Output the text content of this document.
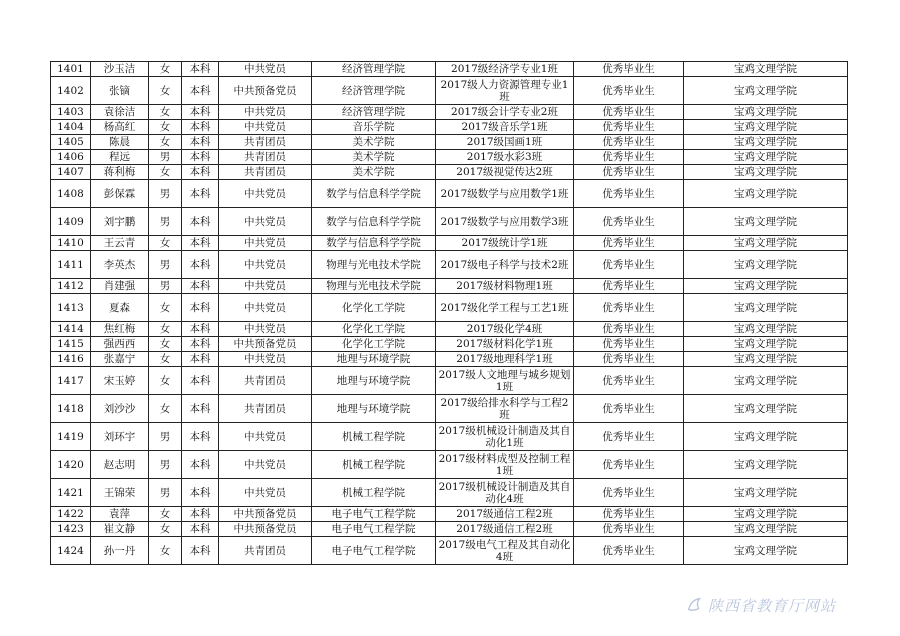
1401	沙玉洁	女	本科	中共党员	经济管理学院	2017级经济学专业1班	优秀毕业生	宝鸡文理学院
1402	张镝	女	本科	中共预备党员	经济管理学院	2017级人力资源管理专业1班	优秀毕业生	宝鸡文理学院
1403	袁徐洁	女	本科	中共党员	经济管理学院	2017级会计学专业2班	优秀毕业生	宝鸡文理学院
1404	杨高红	女	本科	中共党员	音乐学院	2017级音乐学1班	优秀毕业生	宝鸡文理学院
1405	陈晨	女	本科	共青团员	美术学院	2017级国画1班	优秀毕业生	宝鸡文理学院
1406	程远	男	本科	共青团员	美术学院	2017级水彩3班	优秀毕业生	宝鸡文理学院
1407	蒋利梅	女	本科	共青团员	美术学院	2017级视觉传达2班	优秀毕业生	宝鸡文理学院
1408	彭保霖	男	本科	中共党员	数学与信息科学学院	2017级数学与应用数学1班	优秀毕业生	宝鸡文理学院
1409	刘宇鹏	男	本科	中共党员	数学与信息科学学院	2017级数学与应用数学3班	优秀毕业生	宝鸡文理学院
1410	王云青	女	本科	中共党员	数学与信息科学学院	2017级统计学1班	优秀毕业生	宝鸡文理学院
1411	李英杰	男	本科	中共党员	物理与光电技术学院	2017级电子科学与技术2班	优秀毕业生	宝鸡文理学院
1412	肖建强	男	本科	中共党员	物理与光电技术学院	2017级材料物理1班	优秀毕业生	宝鸡文理学院
1413	夏森	女	本科	中共党员	化学化工学院	2017级化学工程与工艺1班	优秀毕业生	宝鸡文理学院
1414	焦红梅	女	本科	中共党员	化学化工学院	2017级化学4班	优秀毕业生	宝鸡文理学院
1415	强西西	女	本科	中共预备党员	化学化工学院	2017级材料化学1班	优秀毕业生	宝鸡文理学院
1416	张嘉宁	女	本科	中共党员	地理与环境学院	2017级地理科学1班	优秀毕业生	宝鸡文理学院
1417	宋玉婷	女	本科	共青团员	地理与环境学院	2017级人文地理与城乡规划1班	优秀毕业生	宝鸡文理学院
1418	刘沙沙	女	本科	共青团员	地理与环境学院	2017级给排水科学与工程2班	优秀毕业生	宝鸡文理学院
1419	刘环宇	男	本科	中共党员	机械工程学院	2017级机械设计制造及其自动化1班	优秀毕业生	宝鸡文理学院
1420	赵志明	男	本科	中共党员	机械工程学院	2017级材料成型及控制工程1班	优秀毕业生	宝鸡文理学院
1421	王锦荣	男	本科	中共党员	机械工程学院	2017级机械设计制造及其自动化4班	优秀毕业生	宝鸡文理学院
1422	袁萍	女	本科	中共预备党员	电子电气工程学院	2017级通信工程2班	优秀毕业生	宝鸡文理学院
1423	崔文静	女	本科	中共预备党员	电子电气工程学院	2017级通信工程2班	优秀毕业生	宝鸡文理学院
1424	孙一丹	女	本科	共青团员	电子电气工程学院	2017级电气工程及其自动化4班	优秀毕业生	宝鸡文理学院
陕西省教育厅网站
